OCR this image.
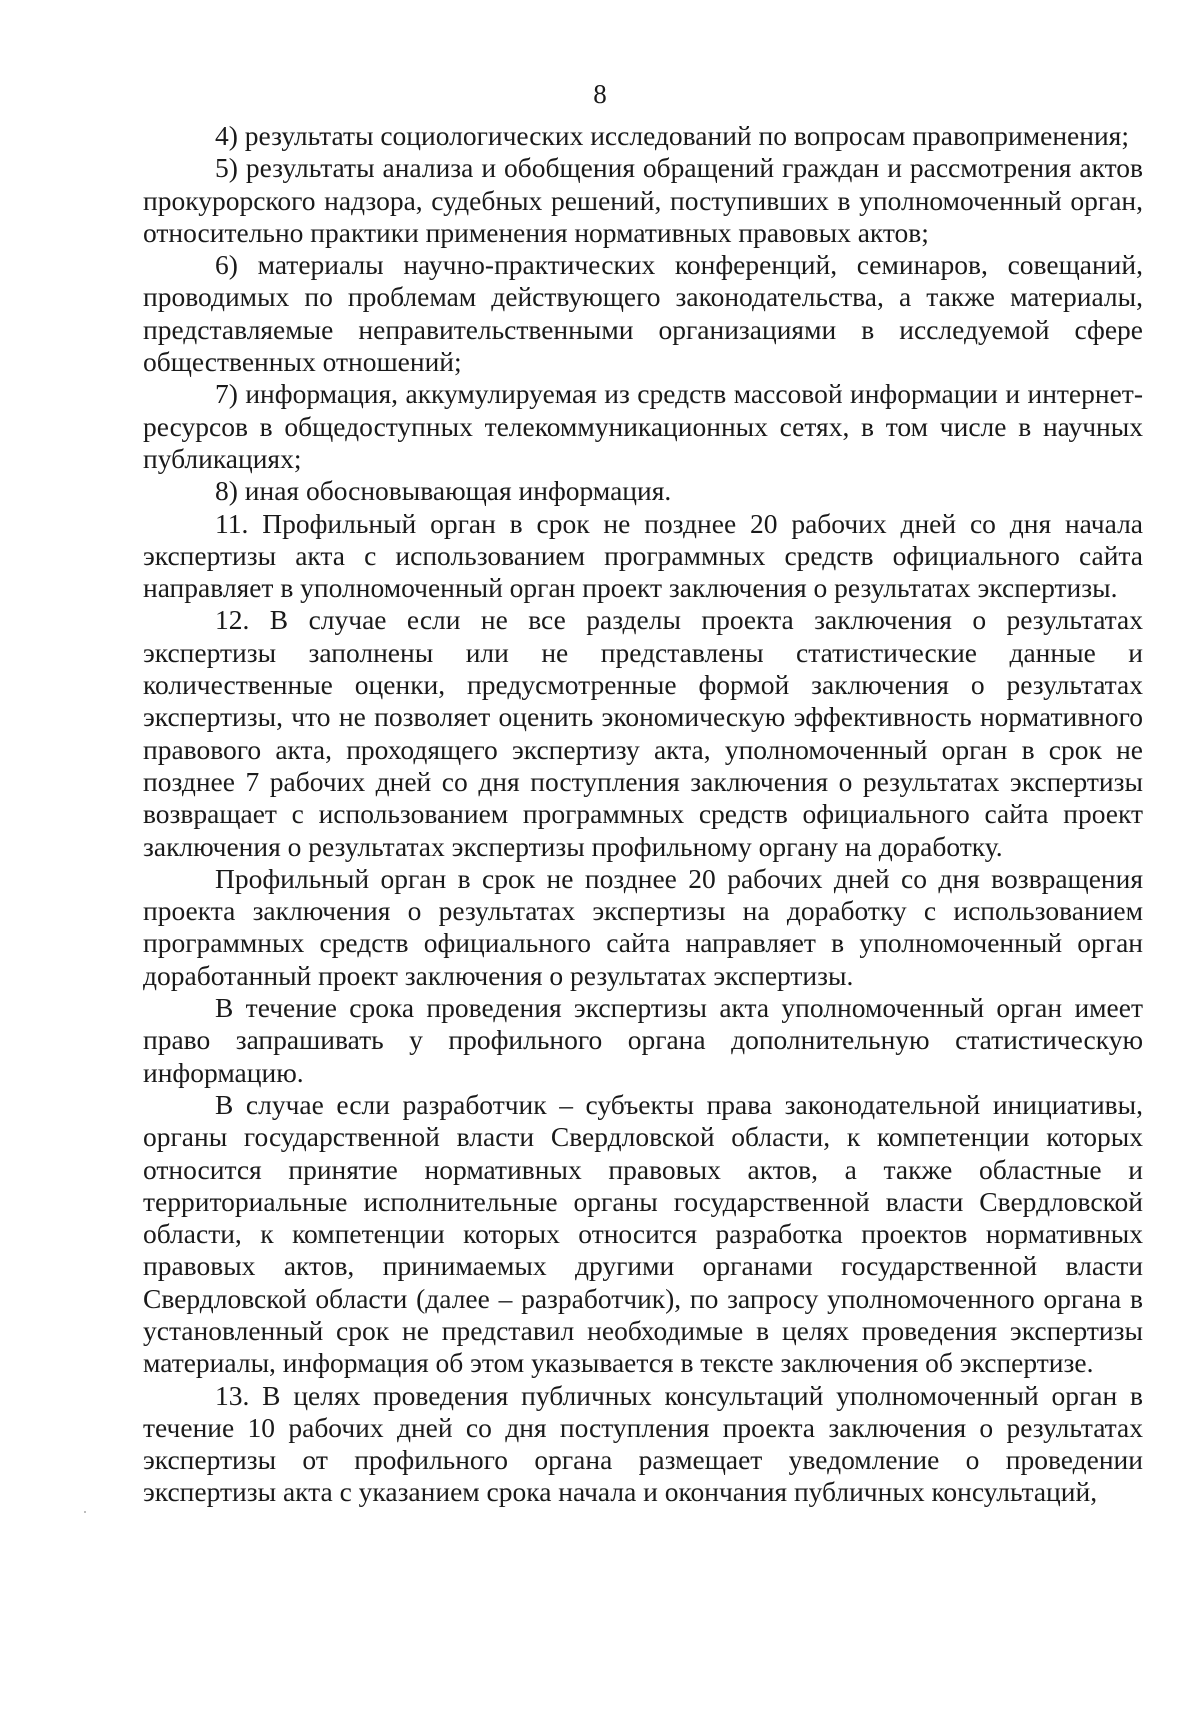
8

4) результаты социологических исследований по вопросам правоприменения;

5) результаты анализа и обобщения обращений граждан и рассмотрения актов прокурорского надзора, судебных решений, поступивших в уполномоченный орган, относительно практики применения нормативных правовых актов;

6) материалы научно-практических конференций, семинаров, совещаний, проводимых по проблемам действующего законодательства, а также материалы, представляемые неправительственными организациями в исследуемой сфере общественных отношений;

7) информация, аккумулируемая из средств массовой информации и интернет-ресурсов в общедоступных телекоммуникационных сетях, в том числе в научных публикациях;

8) иная обосновывающая информация.

11. Профильный орган в срок не позднее 20 рабочих дней со дня начала экспертизы акта с использованием программных средств официального сайта направляет в уполномоченный орган проект заключения о результатах экспертизы.

12. В случае если не все разделы проекта заключения о результатах экспертизы заполнены или не представлены статистические данные и количественные оценки, предусмотренные формой заключения о результатах экспертизы, что не позволяет оценить экономическую эффективность нормативного правового акта, проходящего экспертизу акта, уполномоченный орган в срок не позднее 7 рабочих дней со дня поступления заключения о результатах экспертизы возвращает с использованием программных средств официального сайта проект заключения о результатах экспертизы профильному органу на доработку.

Профильный орган в срок не позднее 20 рабочих дней со дня возвращения проекта заключения о результатах экспертизы на доработку с использованием программных средств официального сайта направляет в уполномоченный орган доработанный проект заключения о результатах экспертизы.

В течение срока проведения экспертизы акта уполномоченный орган имеет право запрашивать у профильного органа дополнительную статистическую информацию.

В случае если разработчик – субъекты права законодательной инициативы, органы государственной власти Свердловской области, к компетенции которых относится принятие нормативных правовых актов, а также областные и территориальные исполнительные органы государственной власти Свердловской области, к компетенции которых относится разработка проектов нормативных правовых актов, принимаемых другими органами государственной власти Свердловской области (далее – разработчик), по запросу уполномоченного органа в установленный срок не представил необходимые в целях проведения экспертизы материалы, информация об этом указывается в тексте заключения об экспертизе.

13. В целях проведения публичных консультаций уполномоченный орган в течение 10 рабочих дней со дня поступления проекта заключения о результатах экспертизы от профильного органа размещает уведомление о проведении экспертизы акта с указанием срока начала и окончания публичных консультаций,
